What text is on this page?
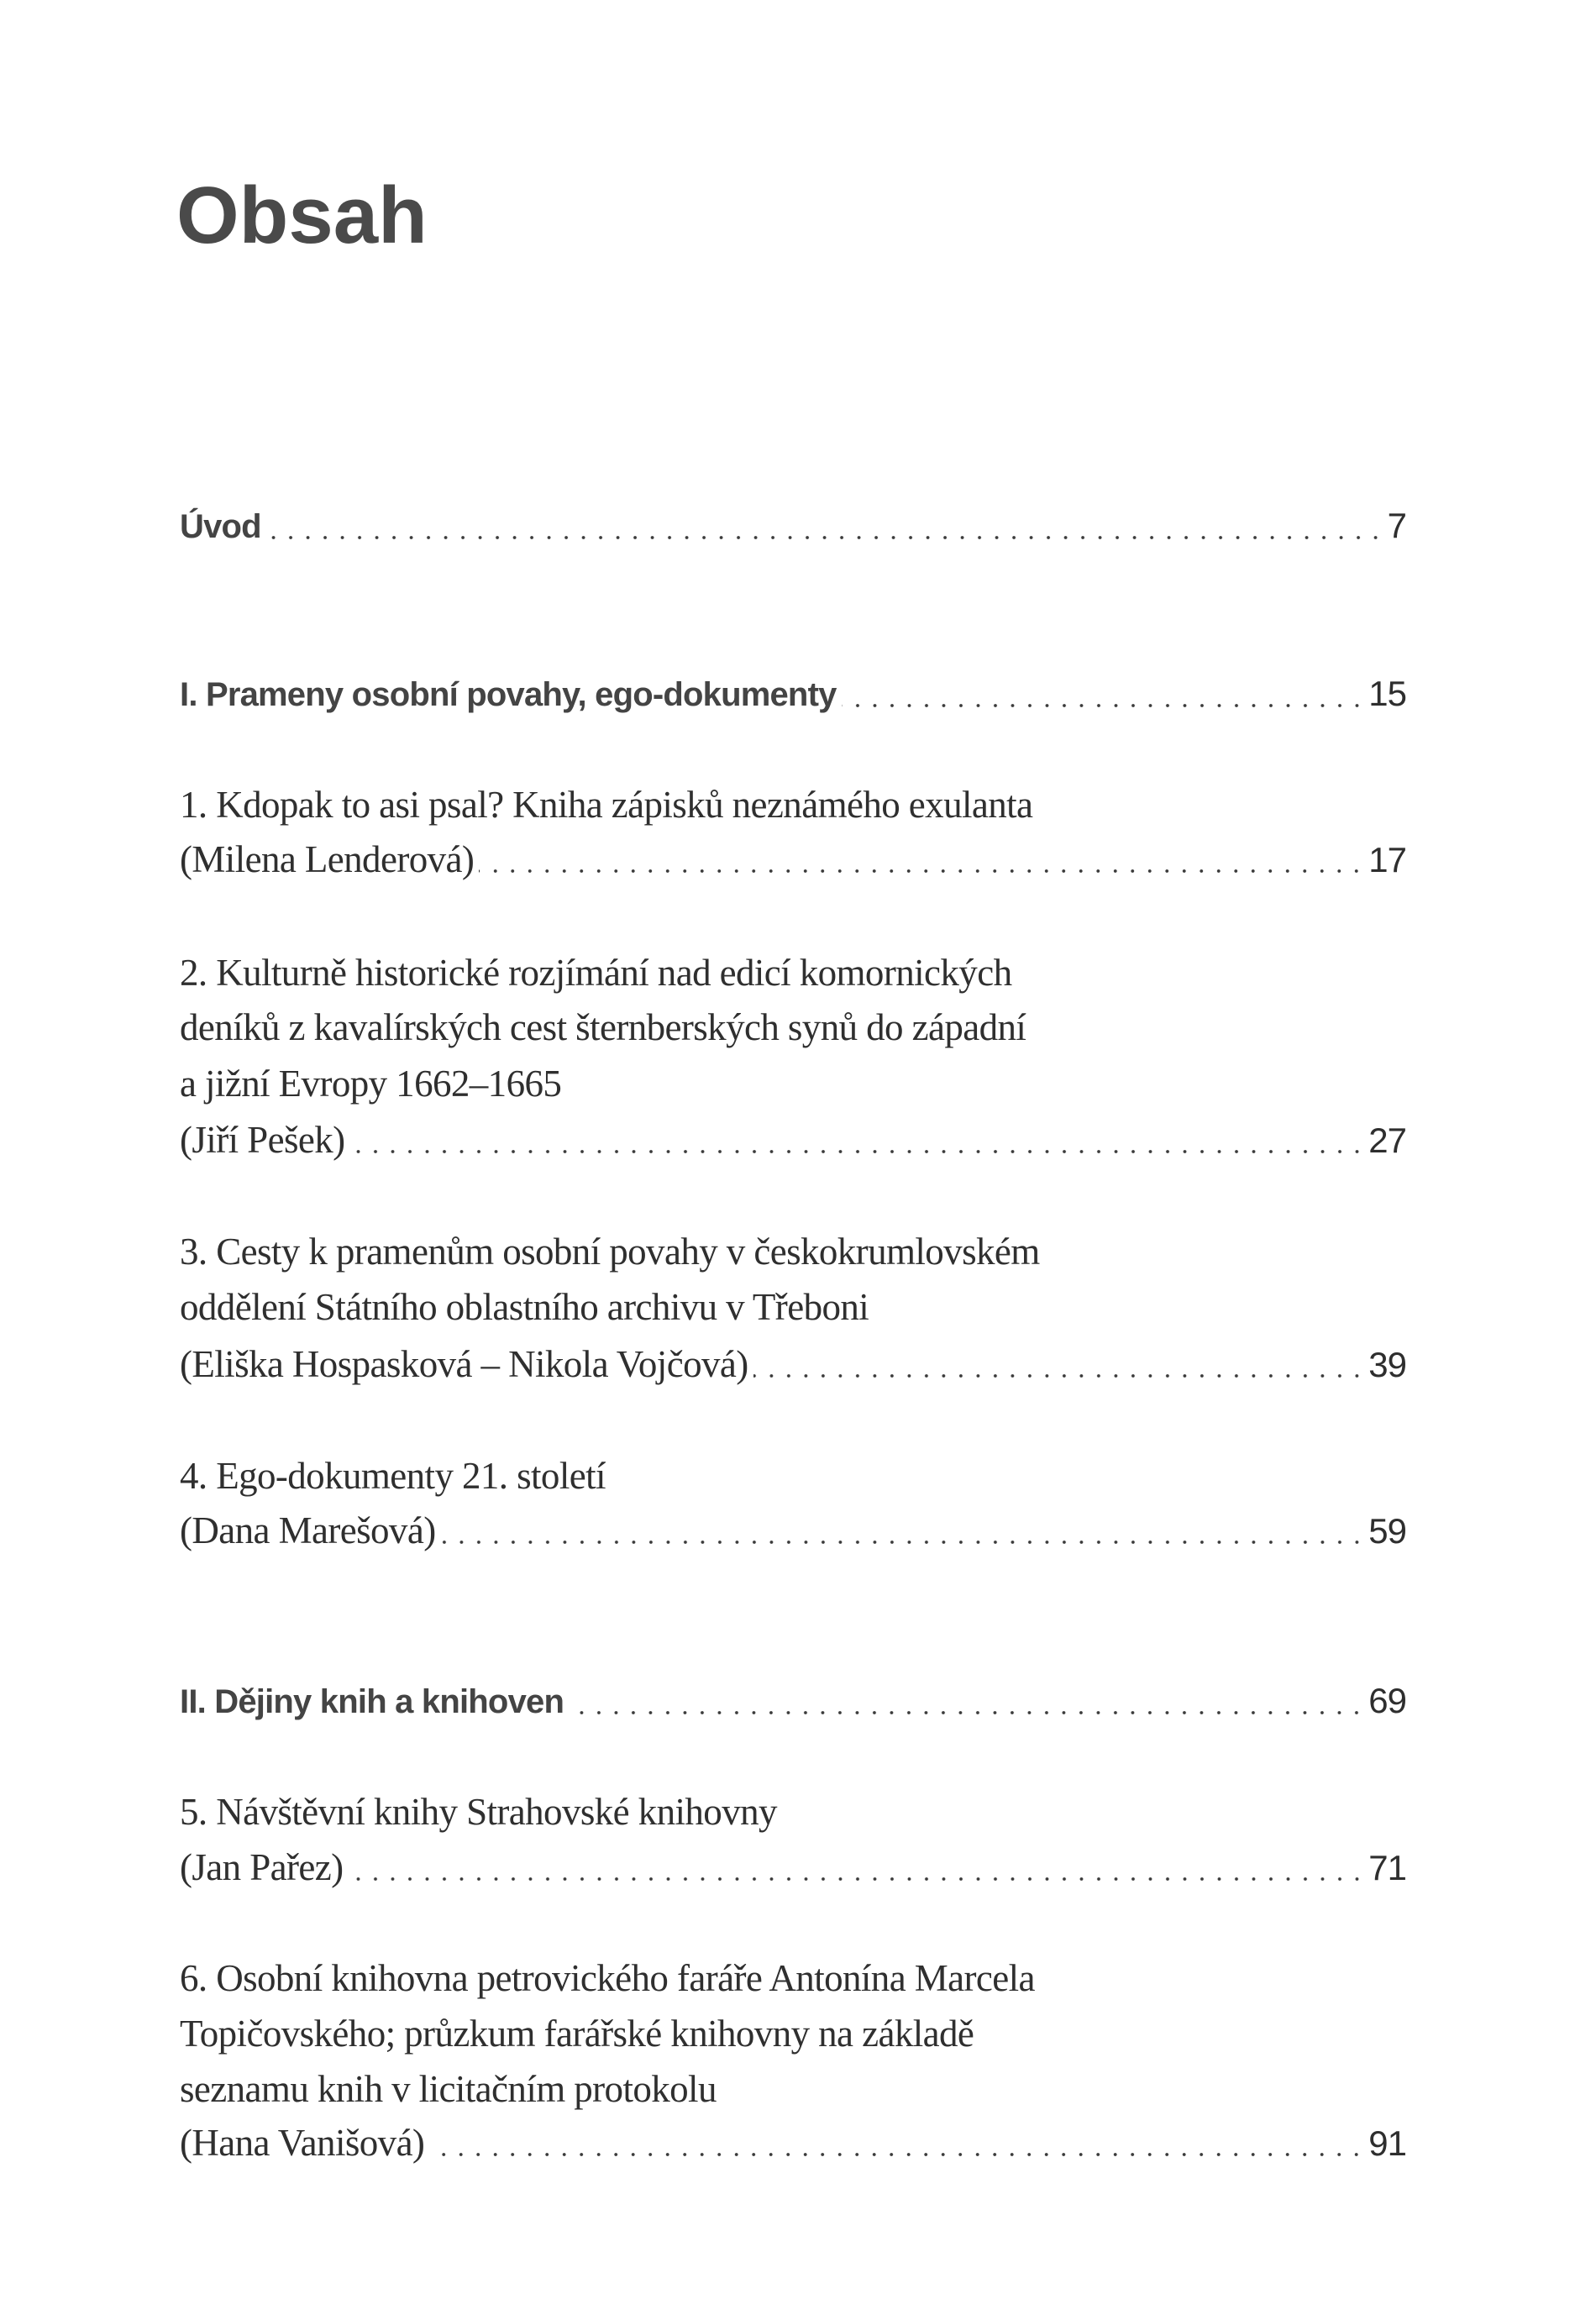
Obsah
Úvod	7
I. Prameny osobní povahy, ego-dokumenty	15
1. Kdopak to asi psal? Kniha zápisků neznámého exulanta
(Milena Lenderová)	17
2. Kulturně historické rozjímání nad edicí komornických
deníků z kavalírských cest šternberských synů do západní
a jižní Evropy 1662–1665
(Jiří Pešek)	27
3. Cesty k pramenům osobní povahy v českokrumlovském
oddělení Státního oblastního archivu v Třeboni
(Eliška Hospasková – Nikola Vojčová)	39
4. Ego-dokumenty 21. století
(Dana Marešová)	59
II. Dějiny knih a knihoven	69
5. Návštěvní knihy Strahovské knihovny
(Jan Pařez)	71
6. Osobní knihovna petrovického faráře Antonína Marcela
Topičovského; průzkum farářské knihovny na základě
seznamu knih v licitačním protokolu
(Hana Vanišová)	91
